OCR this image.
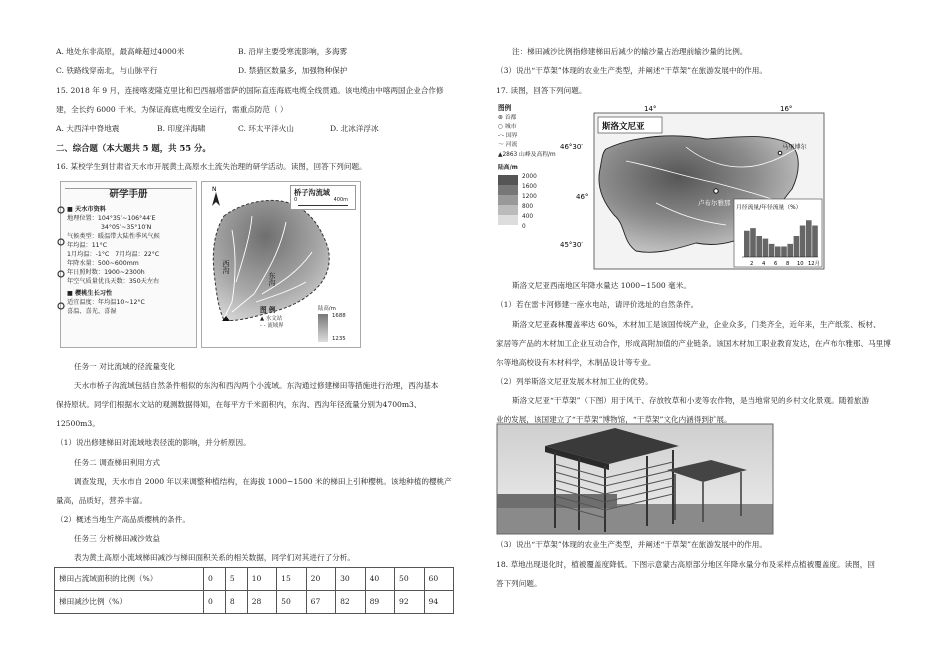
A. 地处东非高原，最高峰超过4000米	B. 沿岸主要受寒流影响，多海雾
C. 铁路线穿南北，与山脉平行	D. 禁猎区数量多，加强物种保护
15. 2018 年 9 月，连接喀麦隆克里比和巴西福塔雷萨的国际直连海底电缆全线贯通。该电缆由中喀两国企业合作修
建，全长约 6000 千米。为保证海底电缆安全运行，需重点防范（ ）
A. 大西洋中脊地震	B. 印度洋海啸	C. 环太平洋火山	D. 北冰洋浮冰
二、综合题（本大题共 5 题，共 55 分。
16. 某校学生到甘肃省天水市开展黄土高原水土流失治理的研学活动。读图，回答下列问题。
研学手册
■ 天水市资料
地理位置：104°35′~106°44′E
34°05′~35°10′N
气候类型：暖温带大陆性季风气候
年均温：11°C
1月均温：-1°C 7月均温：22°C
年降水量：500~600mm
年日照时数：1900~2300h
年空气质量优良天数：350天左右
■ 樱桃生长习性
适宜温度：年均温10~12°C
喜温、喜光、喜湿
N
西沟
东沟
桥子沟流域
0	400m
图 例
▲ 水文站
- - 流域界
陆高/m
1688
1235
任务一 对比流域的径流量变化
天水市桥子沟流域包括自然条件相似的东沟和西沟两个小流域。东沟通过修建梯田等措施进行治理，西沟基本
保持原状。同学们根据水文站的观测数据得知，在每平方千米面积内，东沟、西沟年径流量分别为4700m3、
12500m3。
（1）说出修建梯田对流域地表径流的影响，并分析原因。
任务二 调查梯田利用方式
调查发现，天水市自 2000 年以来调整种植结构，在海拔 1000~1500 米的梯田上引种樱桃。该地种植的樱桃产
量高，品质好，营养丰富。
（2）概述当地生产高品质樱桃的条件。
任务三 分析梯田减沙效益
表为黄土高原小流域梯田减沙与梯田面积关系的相关数据，同学们对其进行了分析。
梯田占流域面积的比例（%）	0	5	10	15	20	30	40	50	60
梯田减沙比例（%）	0	8	28	50	67	82	89	92	94
注：梯田减沙比例指修建梯田后减少的输沙量占治理前输沙量的比例。
（3）说出“干草架”体现的农业生产类型，并阐述“干草架”在旅游发展中的作用。
17. 读图，回答下列问题。
图例
⊛ 首都
○ 城市
-·- 国界
～ 河流
▲2863 山峰及高程/m
陆高/m
2000
1600
1200
800
400
0
14°	16°
46°30′
46°
45°30′
斯洛文尼亚
卢布尔雅那
马里博尔
月径流量/年径流量（%）
2 4 6 8 10 12月
斯洛文尼亚西南地区年降水量达 1000~1500 毫米。
（1）若在雷卡河修建一座水电站，请评价选址的自然条件。
斯洛文尼亚森林覆盖率达 60%，木材加工是该国传统产业，企业众多，门类齐全，近年来，生产纸浆、板材、
家居等产品的木材加工企业互动合作，形成高附加值的产业链条。该国木材加工职业教育发达，在卢布尔雅那、马里博
尔等地高校设有木材科学，木制品设计等专业。
（2）列举斯洛文尼亚发展木材加工业的优势。
斯洛文尼亚“干草架”（下图）用于风干、存放牧草和小麦等农作物，是当地常见的乡村文化景观。随着旅游
业的发展，该国建立了“干草架”博物馆，“干草架”文化内涵得到扩展。
（3）说出“干草架”体现的农业生产类型，并阐述“干草架”在旅游发展中的作用。
18. 草地出现退化时，植被覆盖度降低。下图示意蒙古高原部分地区年降水量分布及采样点植被覆盖度。读图，回
答下列问题。
